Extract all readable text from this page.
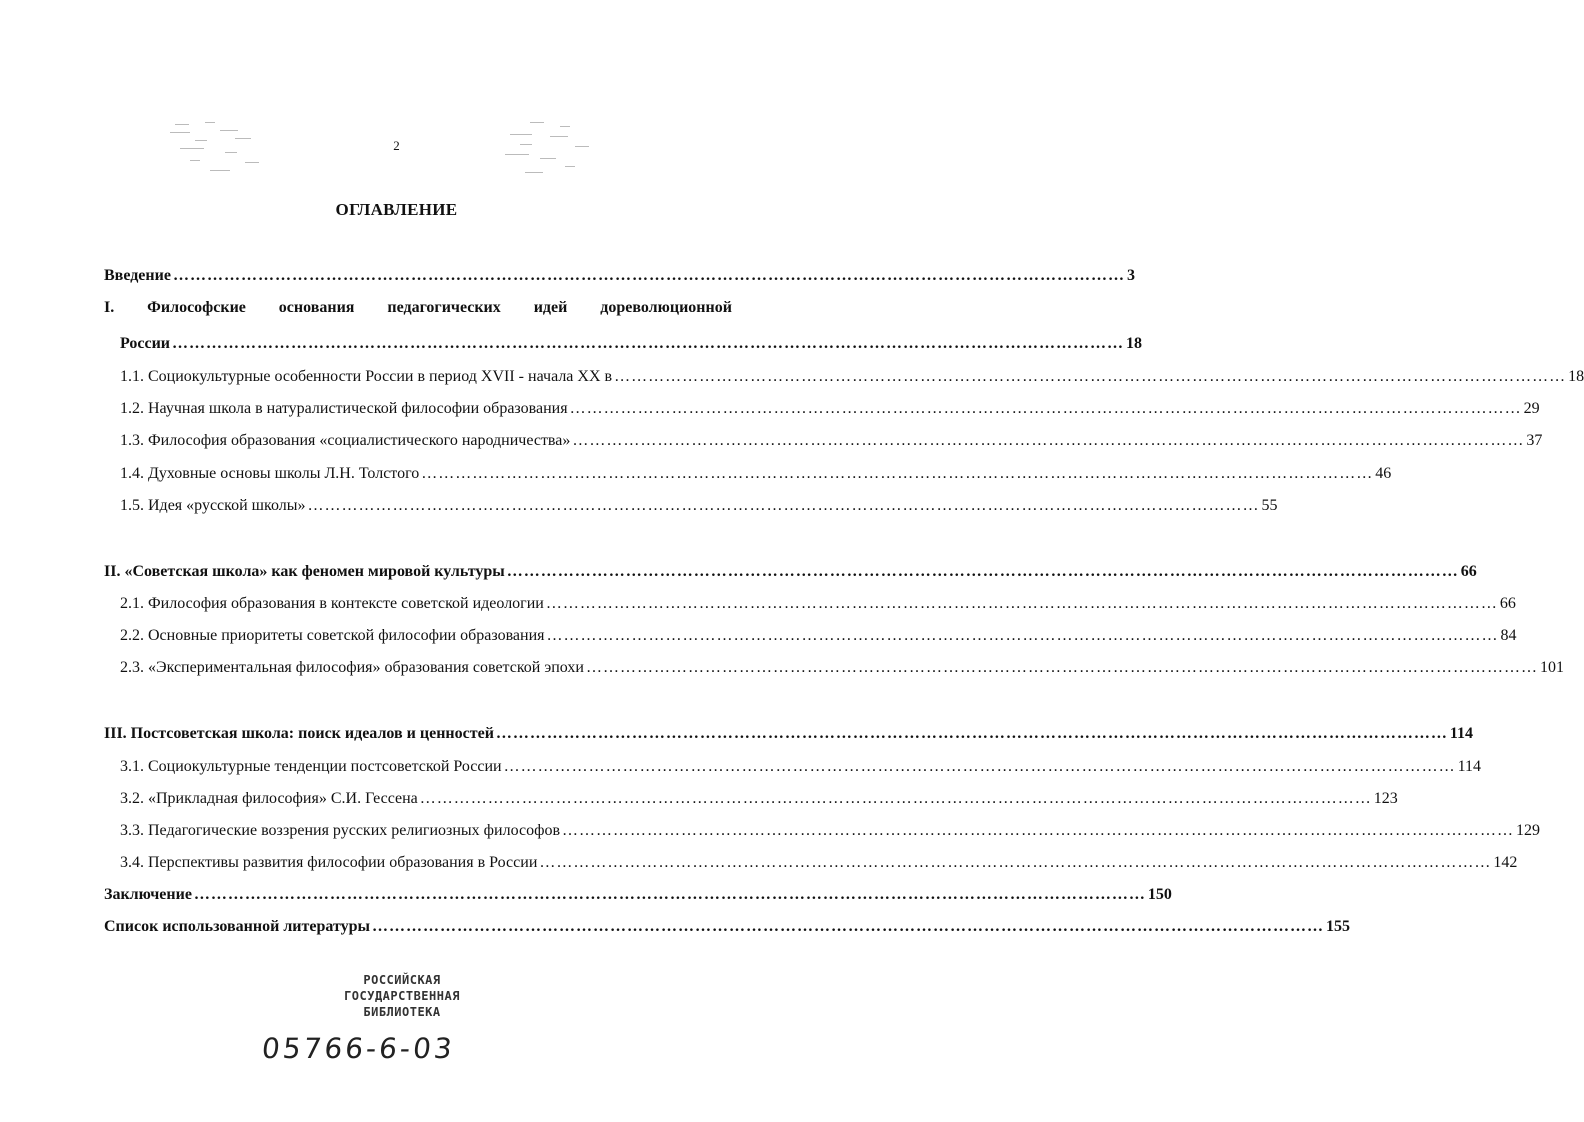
2
ОГЛАВЛЕНИЕ
Введение …………………………………………………………………………………………………………………………………………………… 3
I. Философские основания педагогических идей дореволюционной
России …………………………………………………………………………………………………………………………………………………… 18
1.1. Социокультурные особенности России в период XVII - начала XX в …………………………………………………………………………………………………………………………………………………… 18
1.2. Научная школа в натуралистической философии образования …………………………………………………………………………………………………………………………………………………… 29
1.3. Философия образования «социалистического народничества» …………………………………………………………………………………………………………………………………………………… 37
1.4. Духовные основы школы Л.Н. Толстого …………………………………………………………………………………………………………………………………………………… 46
1.5. Идея «русской школы» …………………………………………………………………………………………………………………………………………………… 55
II. «Советская школа» как феномен мировой культуры …………………………………………………………………………………………………………………………………………………… 66
2.1. Философия образования в контексте советской идеологии …………………………………………………………………………………………………………………………………………………… 66
2.2. Основные приоритеты советской философии образования …………………………………………………………………………………………………………………………………………………… 84
2.3. «Экспериментальная философия» образования советской эпохи …………………………………………………………………………………………………………………………………………………… 101
III. Постсоветская школа: поиск идеалов и ценностей …………………………………………………………………………………………………………………………………………………… 114
3.1. Социокультурные тенденции постсоветской России …………………………………………………………………………………………………………………………………………………… 114
3.2. «Прикладная философия» С.И. Гессена …………………………………………………………………………………………………………………………………………………… 123
3.3. Педагогические воззрения русских религиозных философов …………………………………………………………………………………………………………………………………………………… 129
3.4. Перспективы развития философии образования в России …………………………………………………………………………………………………………………………………………………… 142
Заключение …………………………………………………………………………………………………………………………………………………… 150
Список использованной литературы …………………………………………………………………………………………………………………………………………………… 155
РОССИЙСКАЯ
ГОСУДАРСТВЕННАЯ
БИБЛИОТЕКА
05766-6-03
